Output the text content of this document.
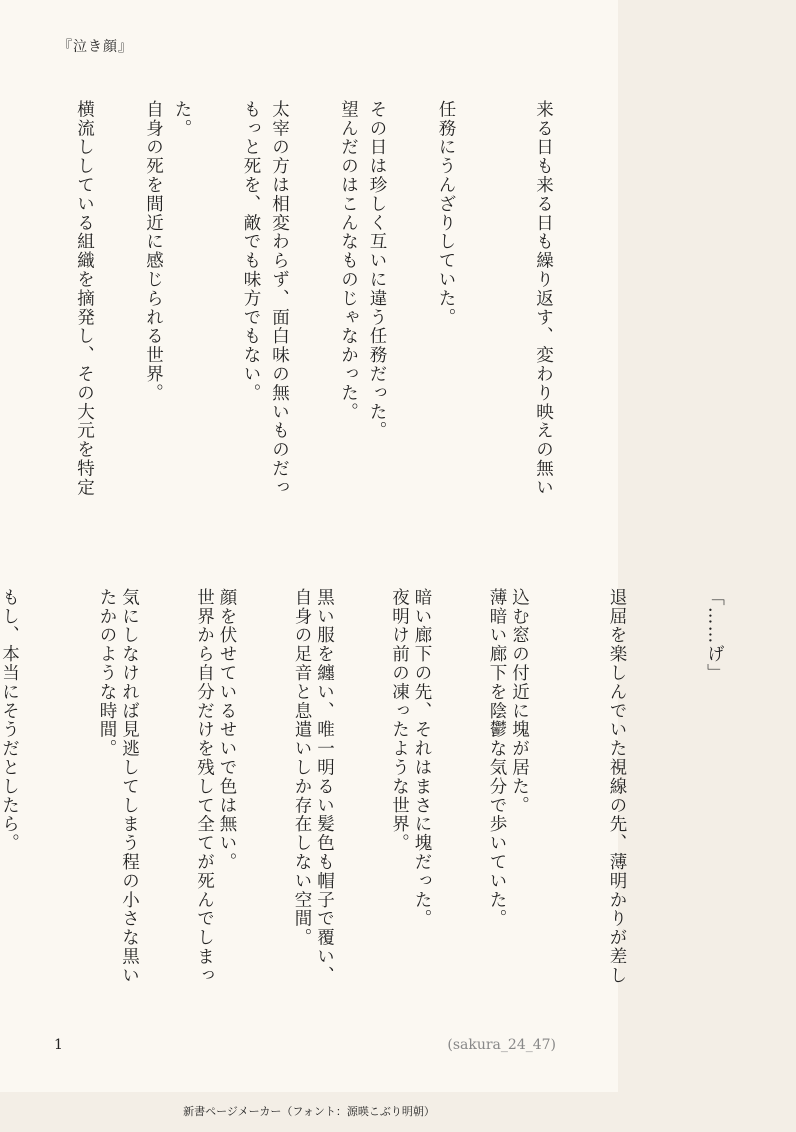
『泣き顔』

その日は珍しく互いに違う任務だった。

太宰の方は相変わらず、面白味の無いものだっ

た。

横流ししている組織を摘発し、その大元を特定

	来る日も来る日も繰り返す、変わり映えの無い

任務にうんざりしていた。

望んだのはこんなものじゃなかった。

もっと死を、敵でも味方でもない。

自身の死を間近に感じられる世界。

薄暗い廊下を陰鬱な気分で歩いていた。

夜明け前の凍ったような世界。

自身の足音と息遣いしか存在しない空間。

世界から自分だけを残して全てが死んでしまっ

たかのような時間。

もし、本当にそうだとしたら。

	「……げ」

退屈を楽しんでいた視線の先、薄明かりが差し

込む窓の付近に塊が居た。

暗い廊下の先、それはまさに塊だった。

黒い服を纏い、唯一明るい髪色も帽子で覆い、

顔を伏せているせいで色は無い。

気にしなければ見逃してしまう程の小さな黒い

1	(sakura_24_47)
新書ページメーカー（フォント：源暎こぶり明朝）
